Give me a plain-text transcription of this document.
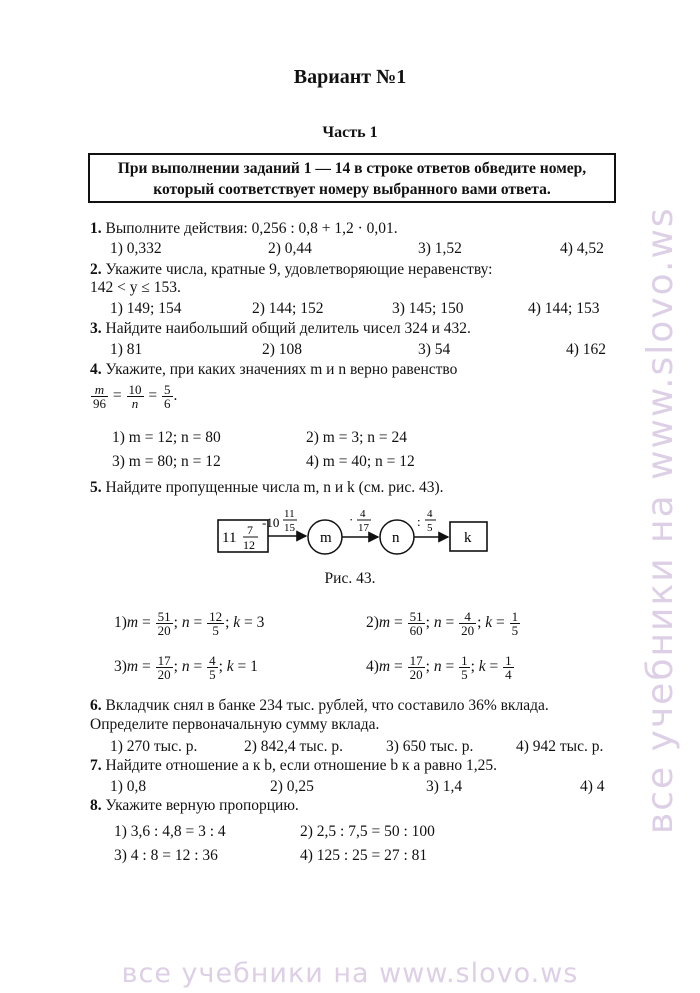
Вариант №1
Часть 1
При выполнении заданий 1 — 14 в строке ответов обведите номер,
который соответствует номеру выбранного вами ответа.
1. Выполните действия: 0,256 : 0,8 + 1,2 · 0,01.
1) 0,332	2) 0,44	3) 1,52	4) 4,52
2. Укажите числа, кратные 9, удовлетворяющие неравенству:
142 < y ≤ 153.
1) 149; 154	2) 144; 152	3) 145; 150	4) 144; 153
3. Найдите наибольший общий делитель чисел 324 и 432.
1) 81	2) 108	3) 54	4) 162
4. Укажите, при каких значениях m и n верно равенство
$\frac{m}{96} = \frac{10}{n} = \frac{5}{6}$ .
1) m = 12; n = 80	2) m = 3; n = 24
3) m = 80; n = 12	4) m = 40; n = 12
5. Найдите пропущенные числа m, n и k (см. рис. 43).
11 7
12
-10
11
15
m
· 4
17
n
: 4
5
k
Рис. 43.
$1)m = \frac{51}{20}$ ; $n = \frac{12}{5}$ ; k = 3	$2)m = \frac{51}{60}$ ; $n = \frac{4}{20}$ ; $k = \frac{1}{5}$
$3)m = \frac{17}{20}$ ; $n = \frac{4}{5}$ ; k = 1	$4)m = \frac{17}{20}$ ; $n = \frac{1}{5}$ ; $k = \frac{1}{4}$
6. Вкладчик снял в банке 234 тыс. рублей, что составило 36% вклада.
Определите первоначальную сумму вклада.
1) 270 тыс. р.	2) 842,4 тыс. р.	3) 650 тыс. р.	4) 942 тыс. р.
7. Найдите отношение a к b, если отношение b к a равно 1,25.
1) 0,8	2) 0,25	3) 1,4	4) 4
8. Укажите верную пропорцию.
1) 3,6 : 4,8 = 3 : 4	2) 2,5 : 7,5 = 50 : 100
3) 4 : 8 = 12 : 36	4) 125 : 25 = 27 : 81
все учебники на www.slovo.ws
все учебники на www.slovo.ws
